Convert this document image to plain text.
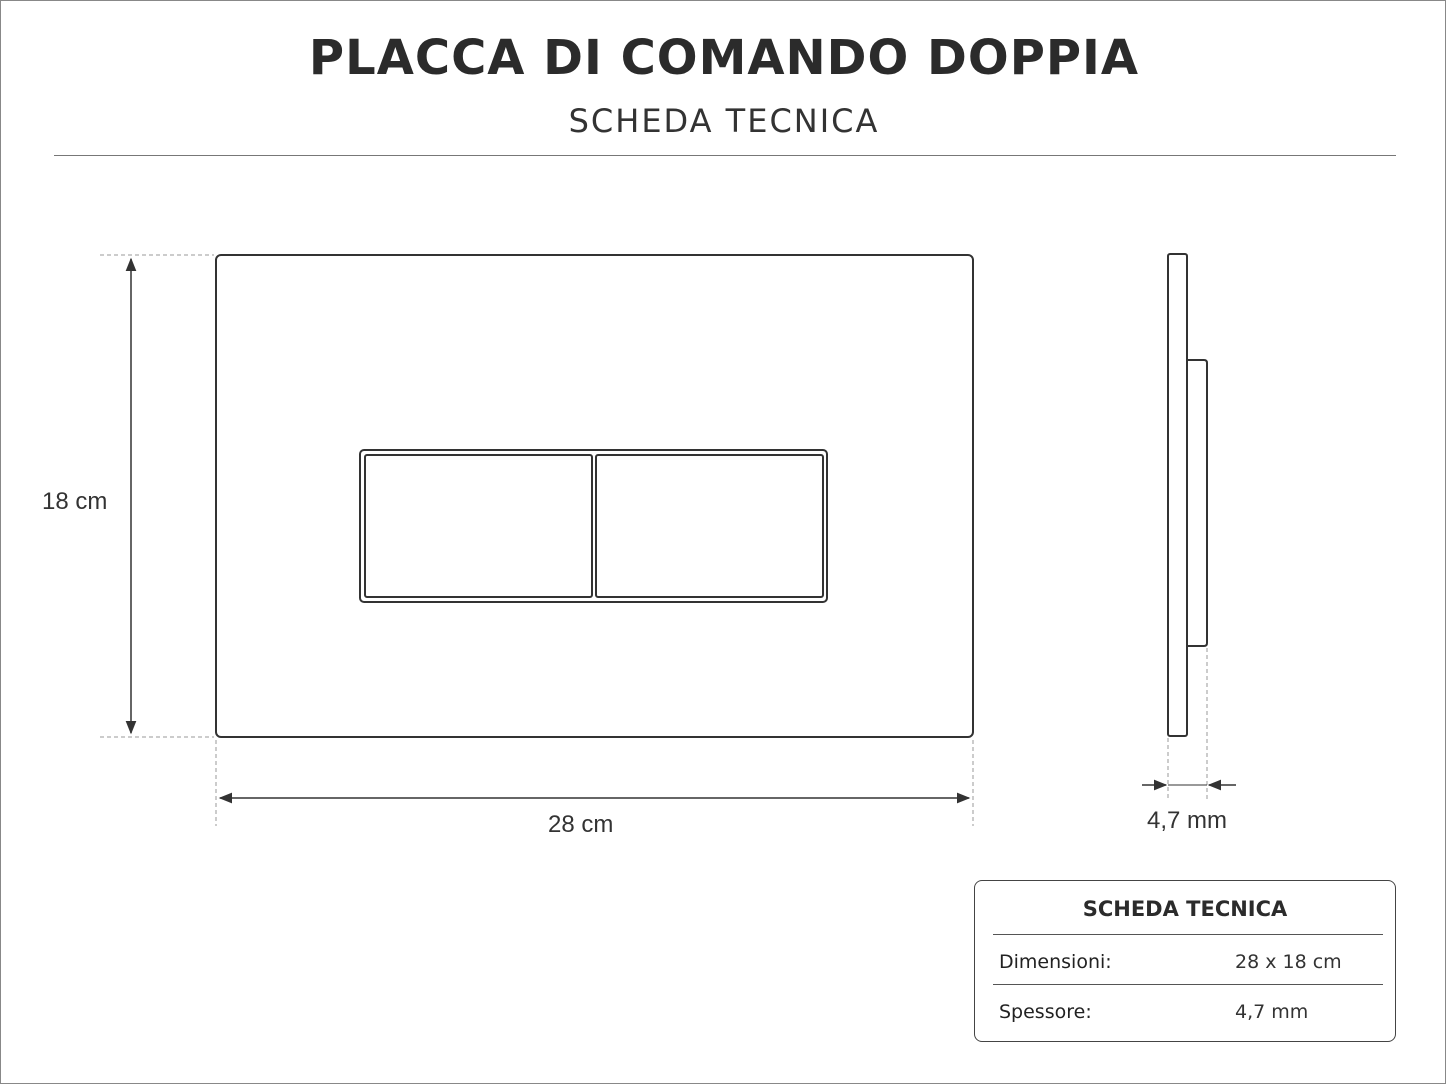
PLACCA DI COMANDO DOPPIA
SCHEDA TECNICA
18 cm
28 cm	4,7 mm
SCHEDA TECNICA
Dimensioni:	28 x 18 cm
Spessore:	4,7 mm
